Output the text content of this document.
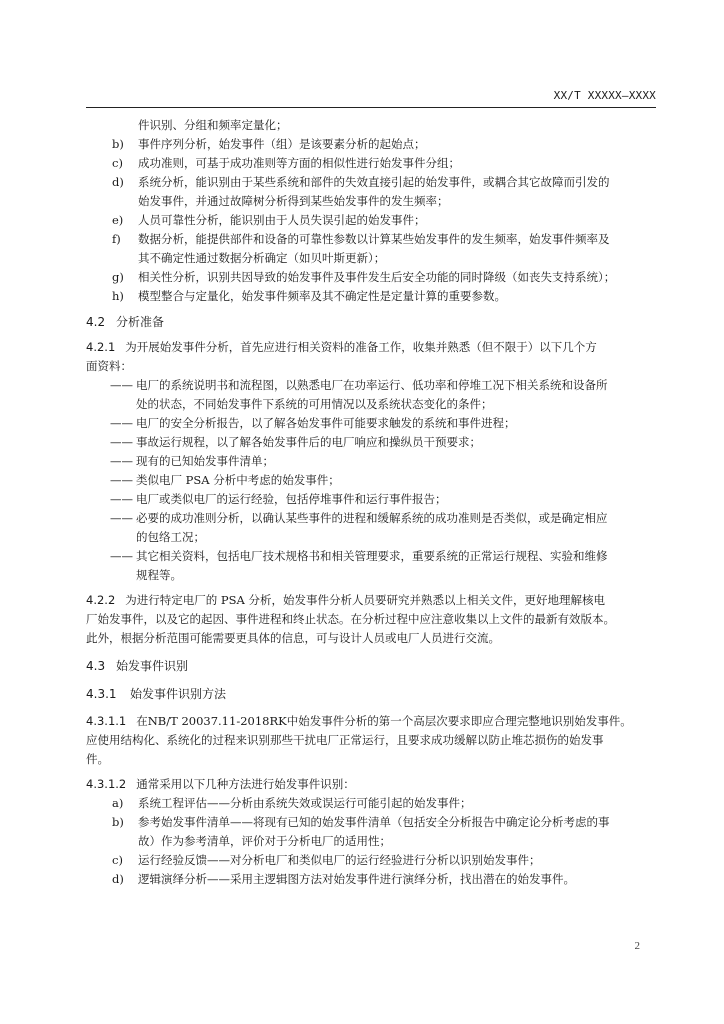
XX/T XXXXX—XXXX
件识别、分组和频率定量化；
b) 事件序列分析，始发事件（组）是该要素分析的起始点；
c) 成功准则，可基于成功准则等方面的相似性进行始发事件分组；
d) 系统分析，能识别由于某些系统和部件的失效直接引起的始发事件，或耦合其它故障而引发的
始发事件，并通过故障树分析得到某些始发事件的发生频率；
e) 人员可靠性分析，能识别由于人员失误引起的始发事件；
f) 数据分析，能提供部件和设备的可靠性参数以计算某些始发事件的发生频率，始发事件频率及
其不确定性通过数据分析确定（如贝叶斯更新）；
g) 相关性分析，识别共因导致的始发事件及事件发生后安全功能的同时降级（如丧失支持系统）；
h) 模型整合与定量化，始发事件频率及其不确定性是定量计算的重要参数。
4.2 分析准备
4.2.1 为开展始发事件分析，首先应进行相关资料的准备工作，收集并熟悉（但不限于）以下几个方
面资料：
—— 电厂的系统说明书和流程图，以熟悉电厂在功率运行、低功率和停堆工况下相关系统和设备所
处的状态，不同始发事件下系统的可用情况以及系统状态变化的条件；
—— 电厂的安全分析报告，以了解各始发事件可能要求触发的系统和事件进程；
—— 事故运行规程，以了解各始发事件后的电厂响应和操纵员干预要求；
—— 现有的已知始发事件清单；
—— 类似电厂 PSA 分析中考虑的始发事件；
—— 电厂或类似电厂的运行经验，包括停堆事件和运行事件报告；
—— 必要的成功准则分析，以确认某些事件的进程和缓解系统的成功准则是否类似，或是确定相应
的包络工况；
—— 其它相关资料，包括电厂技术规格书和相关管理要求，重要系统的正常运行规程、实验和维修
规程等。
4.2.2 为进行特定电厂的 PSA 分析，始发事件分析人员要研究并熟悉以上相关文件，更好地理解核电
厂始发事件，以及它的起因、事件进程和终止状态。在分析过程中应注意收集以上文件的最新有效版本。
此外，根据分析范围可能需要更具体的信息，可与设计人员或电厂人员进行交流。
4.3 始发事件识别
4.3.1 始发事件识别方法
4.3.1.1 在NB/T 20037.11-2018RK中始发事件分析的第一个高层次要求即应合理完整地识别始发事件。
应使用结构化、系统化的过程来识别那些干扰电厂正常运行，且要求成功缓解以防止堆芯损伤的始发事
件。
4.3.1.2 通常采用以下几种方法进行始发事件识别：
a) 系统工程评估——分析由系统失效或误运行可能引起的始发事件；
b) 参考始发事件清单——将现有已知的始发事件清单（包括安全分析报告中确定论分析考虑的事
故）作为参考清单，评价对于分析电厂的适用性；
c) 运行经验反馈——对分析电厂和类似电厂的运行经验进行分析以识别始发事件；
d) 逻辑演绎分析——采用主逻辑图方法对始发事件进行演绎分析，找出潜在的始发事件。
2
